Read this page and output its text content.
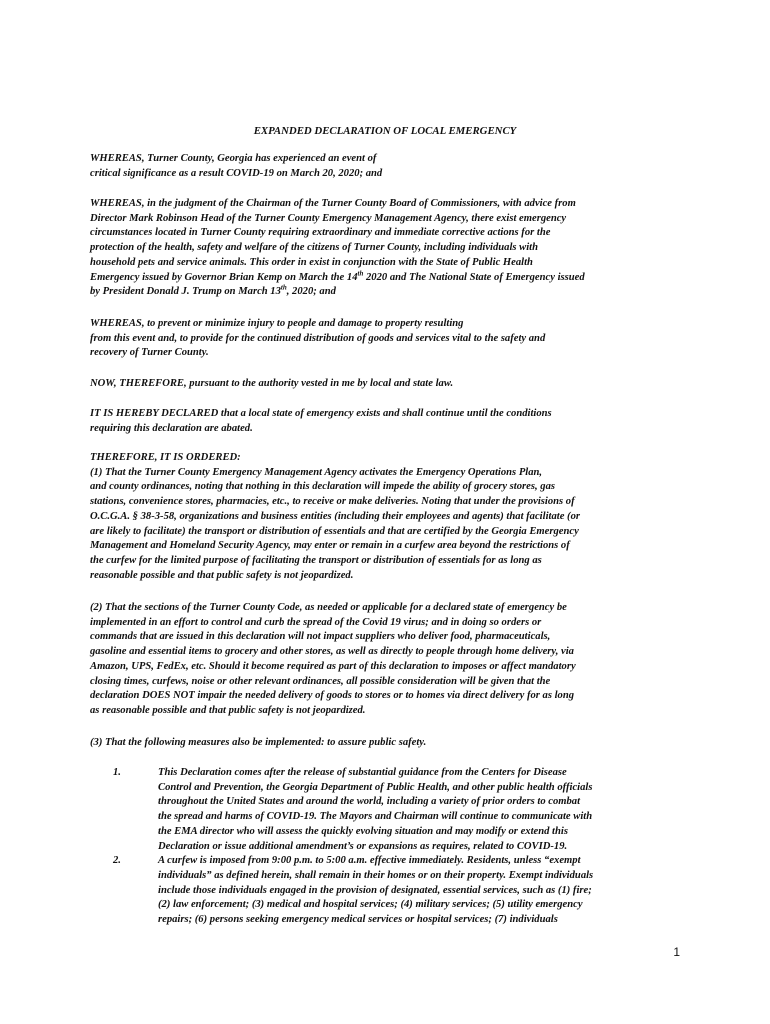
EXPANDED DECLARATION OF LOCAL EMERGENCY

WHEREAS, Turner County, Georgia has experienced an event of
critical significance as a result COVID-19 on March 20, 2020; and

WHEREAS, in the judgment of the Chairman of the Turner County Board of Commissioners, with advice from
Director Mark Robinson Head of the Turner County Emergency Management Agency, there exist emergency
circumstances located in Turner County requiring extraordinary and immediate corrective actions for the
protection of the health, safety and welfare of the citizens of Turner County, including individuals with
household pets and service animals. This order in exist in conjunction with the State of Public Health
Emergency issued by Governor Brian Kemp on March the 14th 2020 and The National State of Emergency issued
by President Donald J. Trump on March 13th, 2020; and

WHEREAS, to prevent or minimize injury to people and damage to property resulting
from this event and, to provide for the continued distribution of goods and services vital to the safety and
recovery of Turner County.

NOW, THEREFORE, pursuant to the authority vested in me by local and state law.

IT IS HEREBY DECLARED that a local state of emergency exists and shall continue until the conditions
requiring this declaration are abated.

THEREFORE, IT IS ORDERED:
(1) That the Turner County Emergency Management Agency activates the Emergency Operations Plan,
and county ordinances, noting that nothing in this declaration will impede the ability of grocery stores, gas
stations, convenience stores, pharmacies, etc., to receive or make deliveries. Noting that under the provisions of
O.C.G.A. § 38-3-58, organizations and business entities (including their employees and agents) that facilitate (or
are likely to facilitate) the transport or distribution of essentials and that are certified by the Georgia Emergency
Management and Homeland Security Agency, may enter or remain in a curfew area beyond the restrictions of
the curfew for the limited purpose of facilitating the transport or distribution of essentials for as long as
reasonable possible and that public safety is not jeopardized.

(2) That the sections of the Turner County Code, as needed or applicable for a declared state of emergency be
implemented in an effort to control and curb the spread of the Covid 19 virus; and in doing so orders or
commands that are issued in this declaration will not impact suppliers who deliver food, pharmaceuticals,
gasoline and essential items to grocery and other stores, as well as directly to people through home delivery, via
Amazon, UPS, FedEx, etc. Should it become required as part of this declaration to imposes or affect mandatory
closing times, curfews, noise or other relevant ordinances, all possible consideration will be given that the
declaration DOES NOT impair the needed delivery of goods to stores or to homes via direct delivery for as long
as reasonable possible and that public safety is not jeopardized.

(3) That the following measures also be implemented: to assure public safety.

1.	This Declaration comes after the release of substantial guidance from the Centers for Disease
Control and Prevention, the Georgia Department of Public Health, and other public health officials
throughout the United States and around the world, including a variety of prior orders to combat
the spread and harms of COVID-19. The Mayors and Chairman will continue to communicate with
the EMA director who will assess the quickly evolving situation and may modify or extend this
Declaration or issue additional amendment’s or expansions as requires, related to COVID-19.
2.	A curfew is imposed from 9:00 p.m. to 5:00 a.m. effective immediately. Residents, unless “exempt
individuals” as defined herein, shall remain in their homes or on their property. Exempt individuals
include those individuals engaged in the provision of designated, essential services, such as (1) fire;
(2) law enforcement; (3) medical and hospital services; (4) military services; (5) utility emergency
repairs; (6) persons seeking emergency medical services or hospital services; (7) individuals
1
